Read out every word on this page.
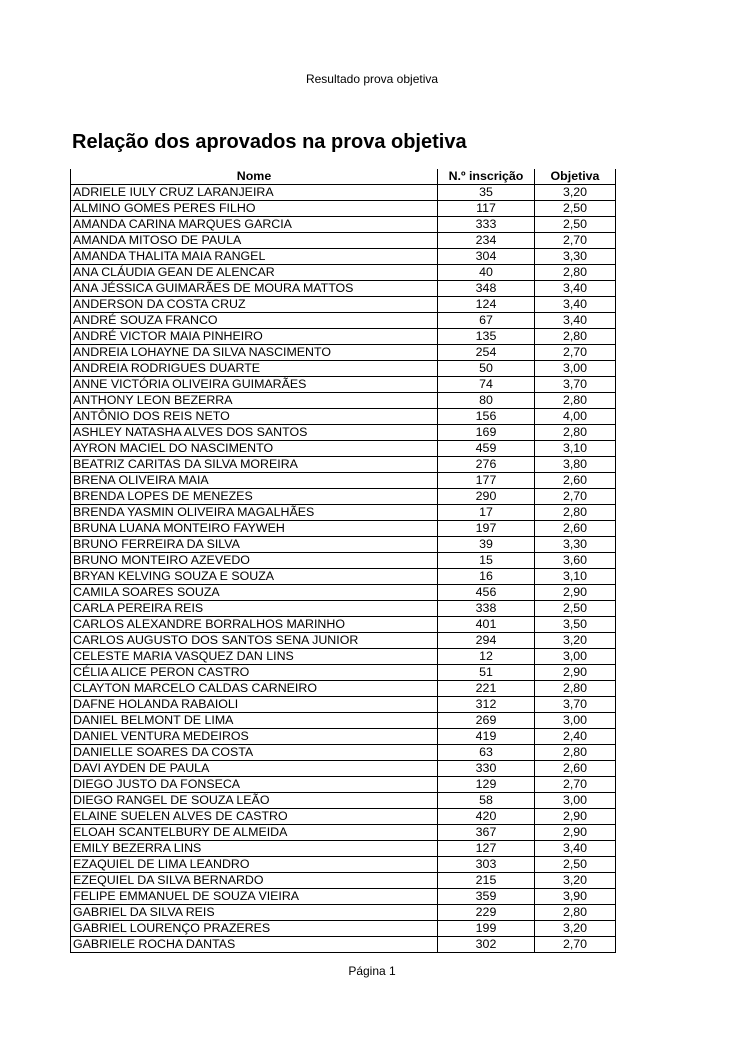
Resultado prova objetiva
Relação dos aprovados na prova objetiva
Nome	N.º inscrição	Objetiva
ADRIELE IULY CRUZ LARANJEIRA	35	3,20
ALMINO GOMES PERES FILHO	117	2,50
AMANDA CARINA MARQUES GARCIA	333	2,50
AMANDA MITOSO DE PAULA	234	2,70
AMANDA THALITA MAIA RANGEL	304	3,30
ANA CLÁUDIA GEAN DE ALENCAR	40	2,80
ANA JÉSSICA GUIMARÃES DE MOURA MATTOS	348	3,40
ANDERSON DA COSTA CRUZ	124	3,40
ANDRÉ SOUZA FRANCO	67	3,40
ANDRÉ VICTOR MAIA PINHEIRO	135	2,80
ANDREIA LOHAYNE DA SILVA NASCIMENTO	254	2,70
ANDREIA RODRIGUES DUARTE	50	3,00
ANNE VICTÓRIA OLIVEIRA GUIMARÃES	74	3,70
ANTHONY LEON BEZERRA	80	2,80
ANTÔNIO DOS REIS NETO	156	4,00
ASHLEY NATASHA ALVES DOS SANTOS	169	2,80
AYRON MACIEL DO NASCIMENTO	459	3,10
BEATRIZ CARITAS DA SILVA MOREIRA	276	3,80
BRENA OLIVEIRA MAIA	177	2,60
BRENDA LOPES DE MENEZES	290	2,70
BRENDA YASMIN OLIVEIRA MAGALHÃES	17	2,80
BRUNA LUANA MONTEIRO FAYWEH	197	2,60
BRUNO FERREIRA DA SILVA	39	3,30
BRUNO MONTEIRO AZEVEDO	15	3,60
BRYAN KELVING SOUZA E SOUZA	16	3,10
CAMILA SOARES SOUZA	456	2,90
CARLA PEREIRA REIS	338	2,50
CARLOS ALEXANDRE BORRALHOS MARINHO	401	3,50
CARLOS AUGUSTO DOS SANTOS SENA JUNIOR	294	3,20
CELESTE MARIA VASQUEZ DAN LINS	12	3,00
CÉLIA ALICE PERON CASTRO	51	2,90
CLAYTON MARCELO CALDAS CARNEIRO	221	2,80
DAFNE HOLANDA RABAIOLI	312	3,70
DANIEL BELMONT DE LIMA	269	3,00
DANIEL VENTURA MEDEIROS	419	2,40
DANIELLE SOARES DA COSTA	63	2,80
DAVI AYDEN DE PAULA	330	2,60
DIEGO JUSTO DA FONSECA	129	2,70
DIEGO RANGEL DE SOUZA LEÃO	58	3,00
ELAINE SUELEN ALVES DE CASTRO	420	2,90
ELOAH SCANTELBURY DE ALMEIDA	367	2,90
EMILY BEZERRA LINS	127	3,40
EZAQUIEL DE LIMA LEANDRO	303	2,50
EZEQUIEL DA SILVA BERNARDO	215	3,20
FELIPE EMMANUEL DE SOUZA VIEIRA	359	3,90
GABRIEL DA SILVA REIS	229	2,80
GABRIEL LOURENÇO PRAZERES	199	3,20
GABRIELE ROCHA DANTAS	302	2,70
Página 1
